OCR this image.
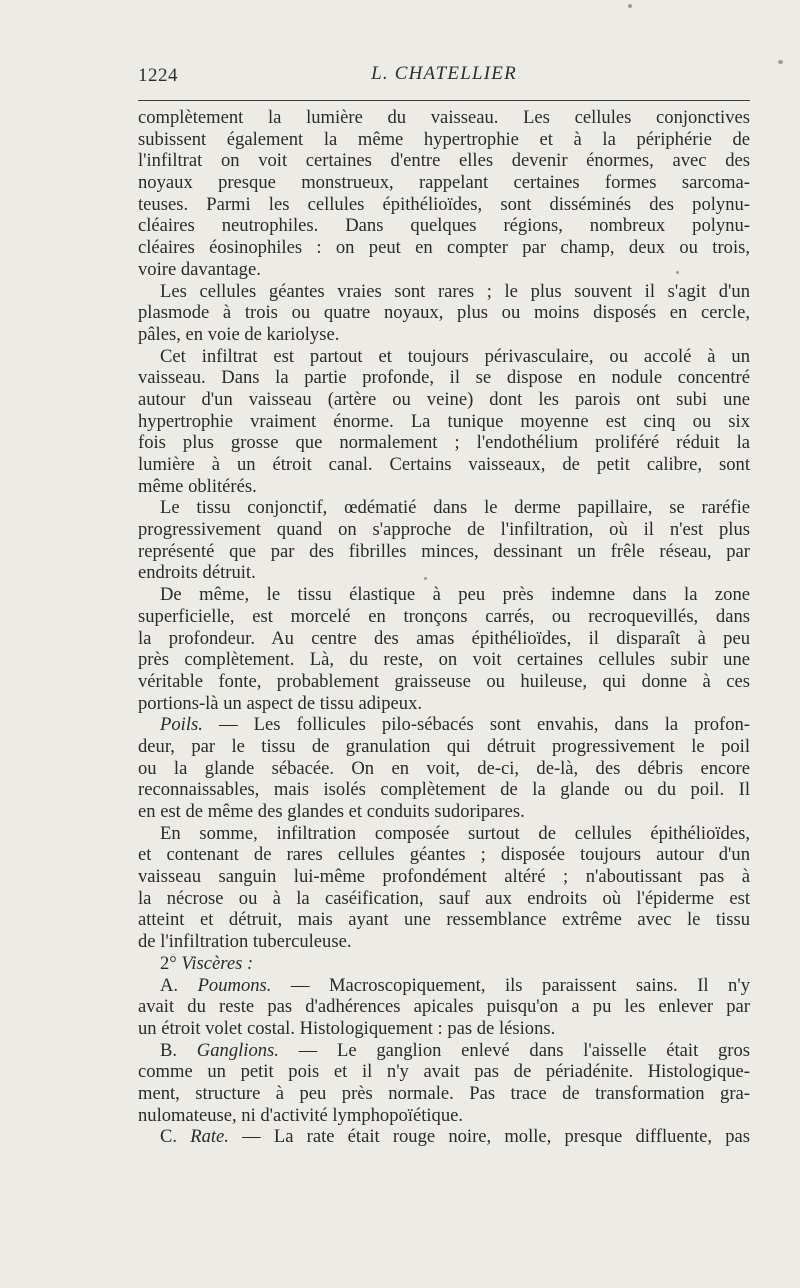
1224	L. CHATELLIER
complètement la lumière du vaisseau. Les cellules conjonctives
subissent également la même hypertrophie et à la périphérie de
l'infiltrat on voit certaines d'entre elles devenir énormes, avec des
noyaux presque monstrueux, rappelant certaines formes sarcoma-
teuses. Parmi les cellules épithélioïdes, sont disséminés des polynu-
cléaires neutrophiles. Dans quelques régions, nombreux polynu-
cléaires éosinophiles : on peut en compter par champ, deux ou trois,
voire davantage.
Les cellules géantes vraies sont rares ; le plus souvent il s'agit d'un
plasmode à trois ou quatre noyaux, plus ou moins disposés en cercle,
pâles, en voie de kariolyse.
Cet infiltrat est partout et toujours périvasculaire, ou accolé à un
vaisseau. Dans la partie profonde, il se dispose en nodule concentré
autour d'un vaisseau (artère ou veine) dont les parois ont subi une
hypertrophie vraiment énorme. La tunique moyenne est cinq ou six
fois plus grosse que normalement ; l'endothélium proliféré réduit la
lumière à un étroit canal. Certains vaisseaux, de petit calibre, sont
même oblitérés.
Le tissu conjonctif, œdématié dans le derme papillaire, se raréfie
progressivement quand on s'approche de l'infiltration, où il n'est plus
représenté que par des fibrilles minces, dessinant un frêle réseau, par
endroits détruit.
De même, le tissu élastique à peu près indemne dans la zone
superficielle, est morcelé en tronçons carrés, ou recroquevillés, dans
la profondeur. Au centre des amas épithélioïdes, il disparaît à peu
près complètement. Là, du reste, on voit certaines cellules subir une
véritable fonte, probablement graisseuse ou huileuse, qui donne à ces
portions-là un aspect de tissu adipeux.
Poils. — Les follicules pilo-sébacés sont envahis, dans la profon-
deur, par le tissu de granulation qui détruit progressivement le poil
ou la glande sébacée. On en voit, de-ci, de-là, des débris encore
reconnaissables, mais isolés complètement de la glande ou du poil. Il
en est de même des glandes et conduits sudoripares.
En somme, infiltration composée surtout de cellules épithélioïdes,
et contenant de rares cellules géantes ; disposée toujours autour d'un
vaisseau sanguin lui-même profondément altéré ; n'aboutissant pas à
la nécrose ou à la caséification, sauf aux endroits où l'épiderme est
atteint et détruit, mais ayant une ressemblance extrême avec le tissu
de l'infiltration tuberculeuse.
2° Viscères :
A. Poumons. — Macroscopiquement, ils paraissent sains. Il n'y
avait du reste pas d'adhérences apicales puisqu'on a pu les enlever par
un étroit volet costal. Histologiquement : pas de lésions.
B. Ganglions. — Le ganglion enlevé dans l'aisselle était gros
comme un petit pois et il n'y avait pas de périadénite. Histologique-
ment, structure à peu près normale. Pas trace de transformation gra-
nulomateuse, ni d'activité lymphopoïétique.
C. Rate. — La rate était rouge noire, molle, presque diffluente, pas
